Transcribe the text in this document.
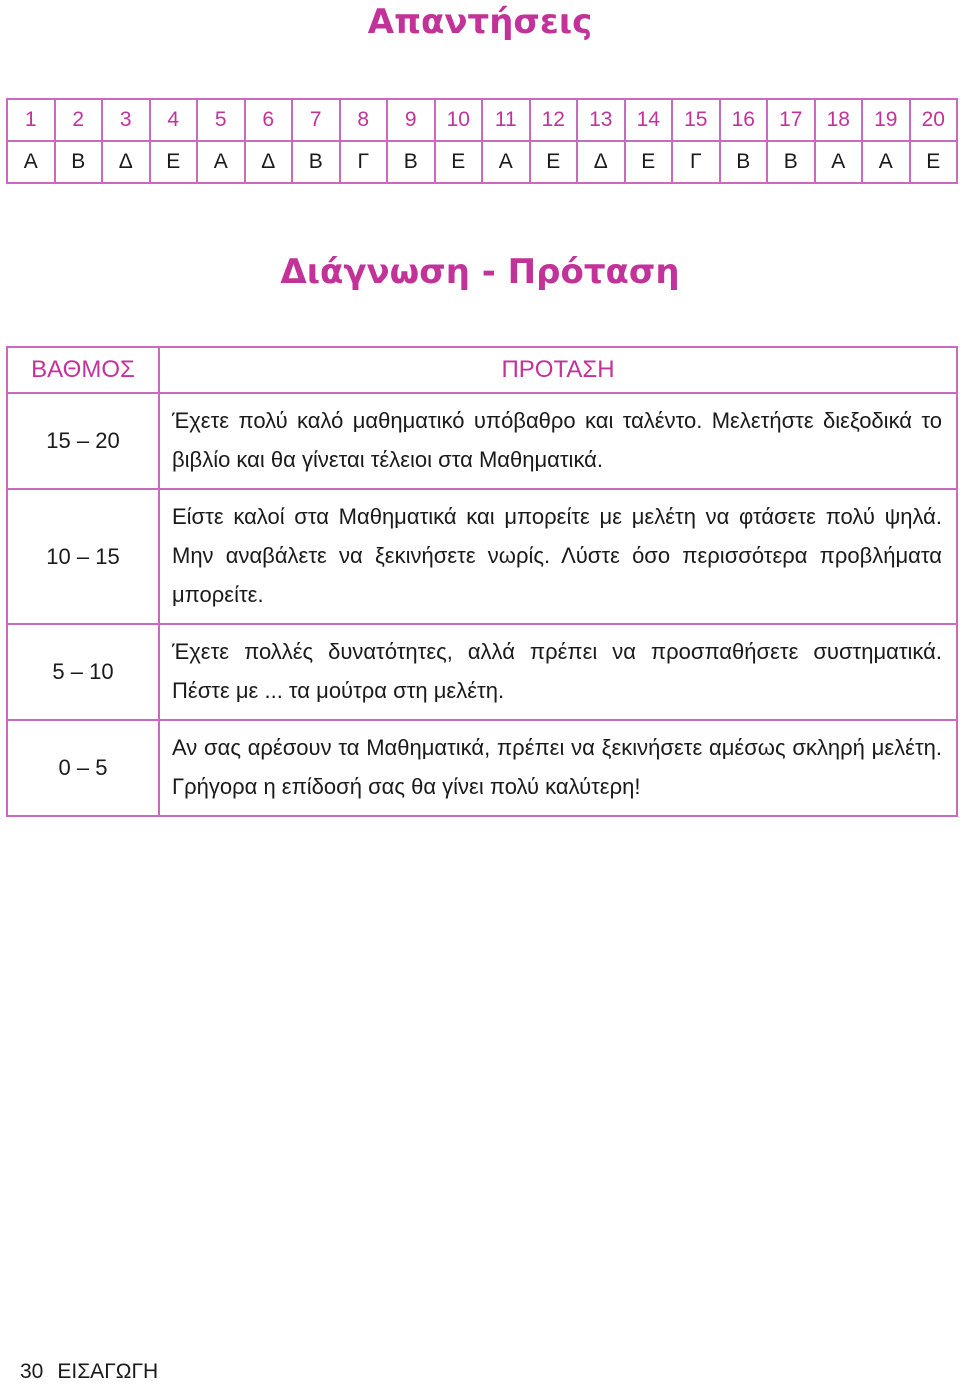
Απαντήσεις
1	2	3	4	5	6	7	8	9	10	11	12	13	14	15	16	17	18	19	20
Α	Β	Δ	Ε	Α	Δ	Β	Γ	Β	Ε	Α	Ε	Δ	Ε	Γ	Β	Β	Α	Α	Ε
Διάγνωση - Πρόταση
ΒΑΘΜΟΣ	ΠΡΟΤΑΣΗ
15 – 20	Έχετε πολύ καλό μαθηματικό υπόβαθρο και ταλέντο. Μελετήστε διεξοδικά το βιβλίο και θα γίνεται τέλειοι στα Μαθηματικά.
10 – 15	Είστε καλοί στα Μαθηματικά και μπορείτε με μελέτη να φτάσετε πολύ ψηλά. Μην αναβάλετε να ξεκινήσετε νωρίς. Λύστε όσο περισσότερα προβλήματα μπορείτε.
5 – 10	Έχετε πολλές δυνατότητες, αλλά πρέπει να προσπαθήσετε συστηματικά. Πέστε με ... τα μούτρα στη μελέτη.
0 – 5	Αν σας αρέσουν τα Μαθηματικά, πρέπει να ξεκινήσετε αμέσως σκληρή μελέτη. Γρήγορα η επίδοσή σας θα γίνει πολύ καλύτερη!
30 ΕΙΣΑΓΩΓΗ
